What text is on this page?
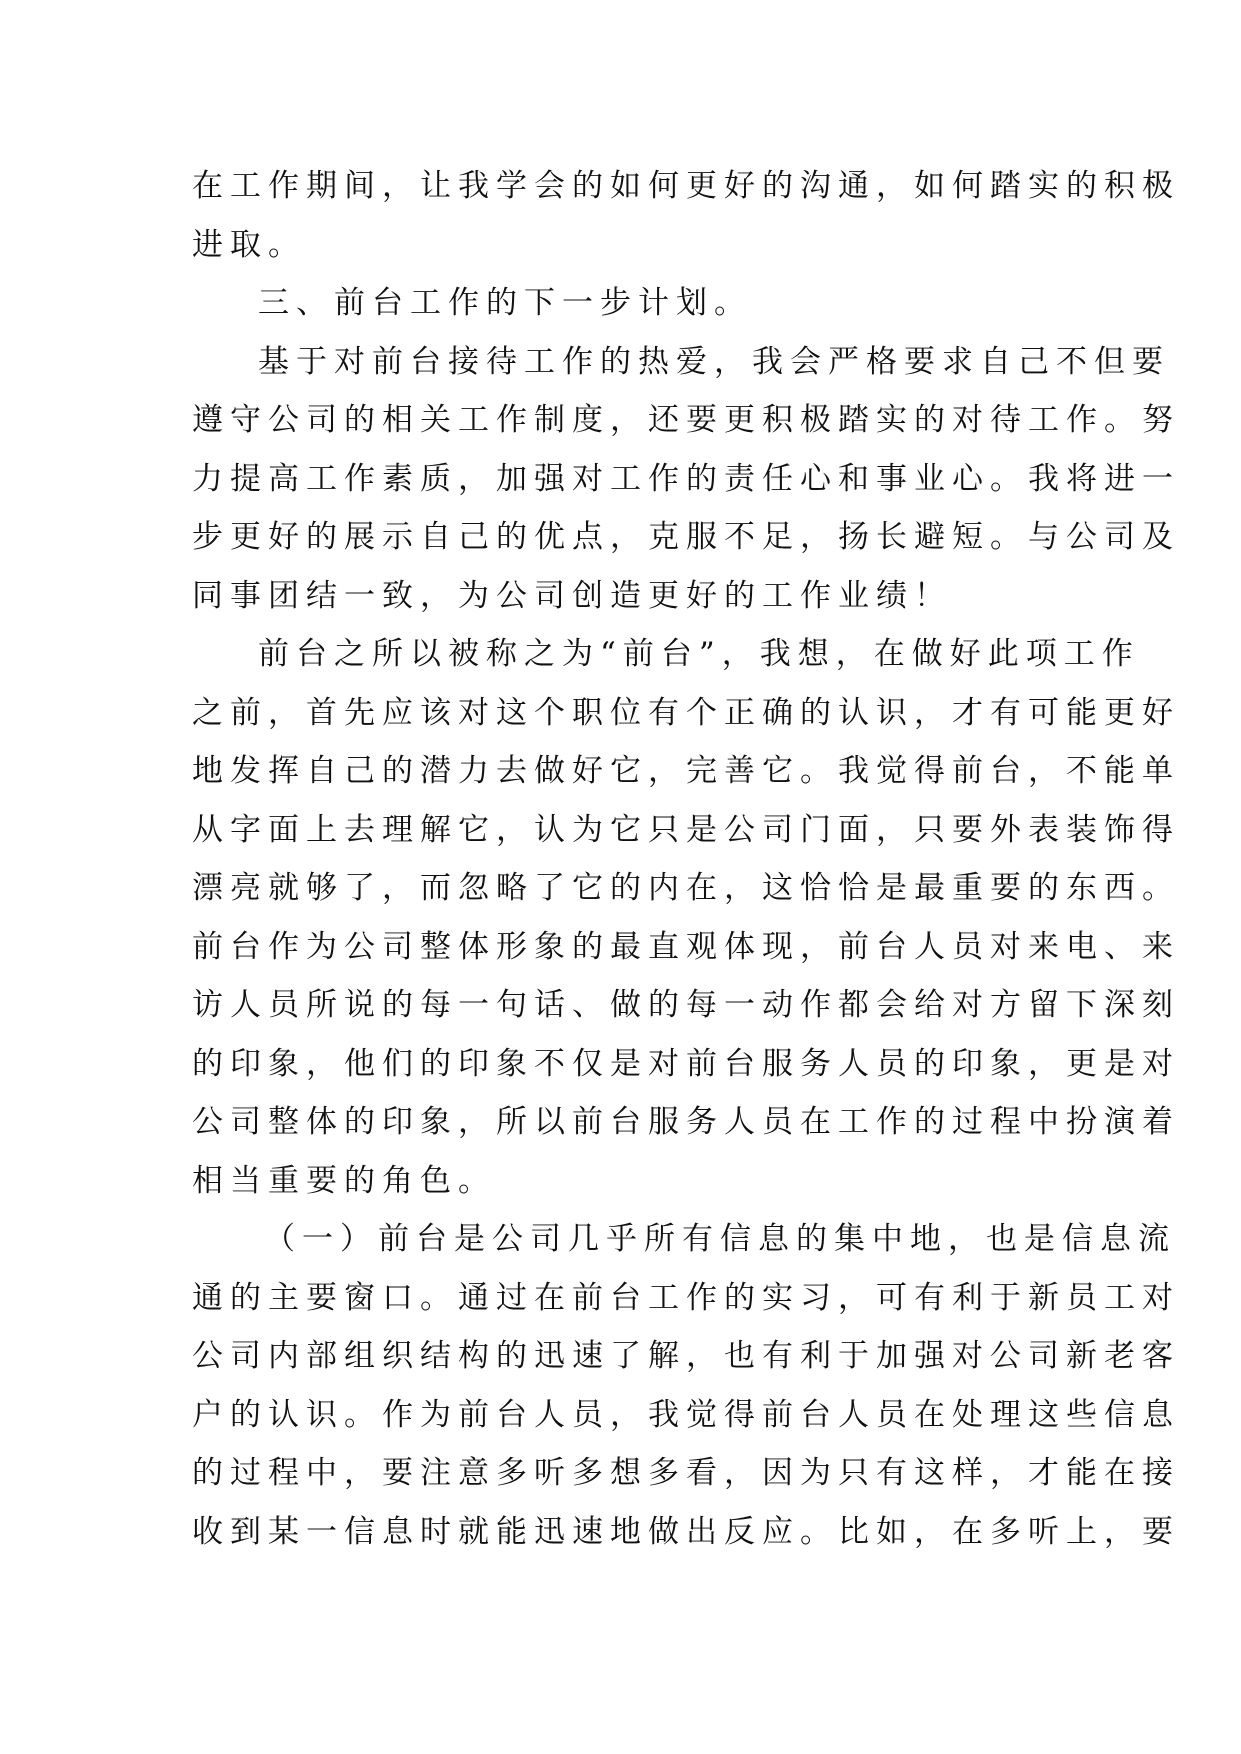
在工作期间，让我学会的如何更好的沟通，如何踏实的积极
进取。
三、前台工作的下一步计划。
基于对前台接待工作的热爱，我会严格要求自己不但要
遵守公司的相关工作制度，还要更积极踏实的对待工作。努
力提高工作素质，加强对工作的责任心和事业心。我将进一
步更好的展示自己的优点，克服不足，扬长避短。与公司及
同事团结一致，为公司创造更好的工作业绩！
前台之所以被称之为“前台”，我想，在做好此项工作
之前，首先应该对这个职位有个正确的认识，才有可能更好
地发挥自己的潜力去做好它，完善它。我觉得前台，不能单
从字面上去理解它，认为它只是公司门面，只要外表装饰得
漂亮就够了，而忽略了它的内在，这恰恰是最重要的东西。
前台作为公司整体形象的最直观体现，前台人员对来电、来
访人员所说的每一句话、做的每一动作都会给对方留下深刻
的印象，他们的印象不仅是对前台服务人员的印象，更是对
公司整体的印象，所以前台服务人员在工作的过程中扮演着
相当重要的角色。
（一）前台是公司几乎所有信息的集中地，也是信息流
通的主要窗口。通过在前台工作的实习，可有利于新员工对
公司内部组织结构的迅速了解，也有利于加强对公司新老客
户的认识。作为前台人员，我觉得前台人员在处理这些信息
的过程中，要注意多听多想多看，因为只有这样，才能在接
收到某一信息时就能迅速地做出反应。比如，在多听上，要
